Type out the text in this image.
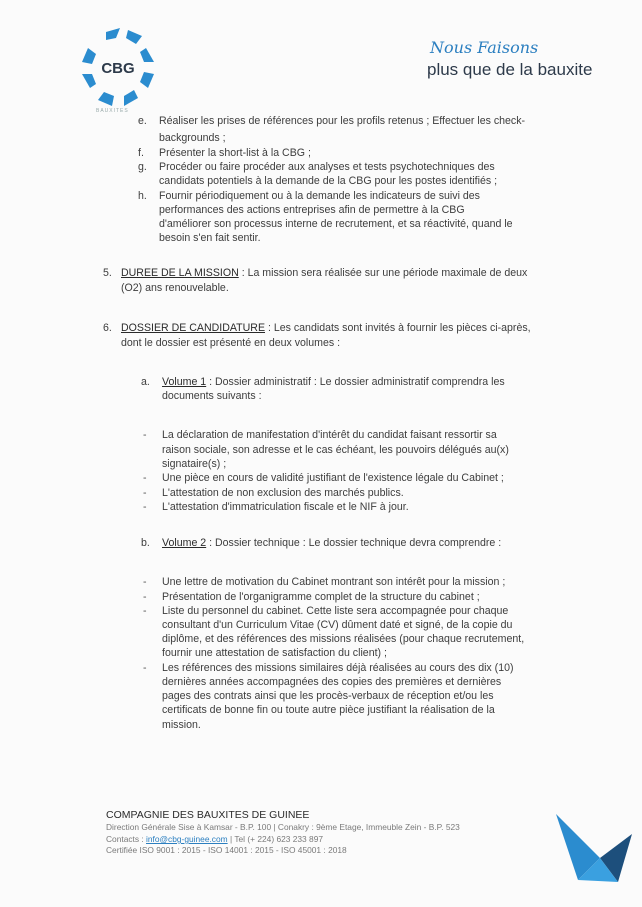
CBG
BAUXITES
Nous Faisons
plus que de la bauxite
e. Réaliser les prises de références pour les profils retenus ; Effectuer les check-
backgrounds ;
f. Présenter la short-list à la CBG ;
g. Procéder ou faire procéder aux analyses et tests psychotechniques des
candidats potentiels à la demande de la CBG pour les postes identifiés ;
h. Fournir périodiquement ou à la demande les indicateurs de suivi des
performances des actions entreprises afin de permettre à la CBG
d'améliorer son processus interne de recrutement, et sa réactivité, quand le
besoin s'en fait sentir.
5. DUREE DE LA MISSION : La mission sera réalisée sur une période maximale de deux
(O2) ans renouvelable.
6. DOSSIER DE CANDIDATURE : Les candidats sont invités à fournir les pièces ci-après,
dont le dossier est présenté en deux volumes :
a. Volume 1 : Dossier administratif : Le dossier administratif comprendra les
documents suivants :
- La déclaration de manifestation d'intérêt du candidat faisant ressortir sa
raison sociale, son adresse et le cas échéant, les pouvoirs délégués au(x)
signataire(s) ;
- Une pièce en cours de validité justifiant de l'existence légale du Cabinet ;
- L'attestation de non exclusion des marchés publics.
- L'attestation d'immatriculation fiscale et le NIF à jour.
b. Volume 2 : Dossier technique : Le dossier technique devra comprendre :
- Une lettre de motivation du Cabinet montrant son intérêt pour la mission ;
- Présentation de l'organigramme complet de la structure du cabinet ;
- Liste du personnel du cabinet. Cette liste sera accompagnée pour chaque
consultant d'un Curriculum Vitae (CV) dûment daté et signé, de la copie du
diplôme, et des références des missions réalisées (pour chaque recrutement,
fournir une attestation de satisfaction du client) ;
- Les références des missions similaires déjà réalisées au cours des dix (10)
dernières années accompagnées des copies des premières et dernières
pages des contrats ainsi que les procès-verbaux de réception et/ou les
certificats de bonne fin ou toute autre pièce justifiant la réalisation de la
mission.
COMPAGNIE DES BAUXITES DE GUINEE
Direction Générale Sise à Kamsar - B.P. 100 | Conakry : 9ème Etage, Immeuble Zein - B.P. 523
Contacts : info@cbg-guinee.com | Tel (+ 224) 623 233 897
Certifiée ISO 9001 : 2015 - ISO 14001 : 2015 - ISO 45001 : 2018
